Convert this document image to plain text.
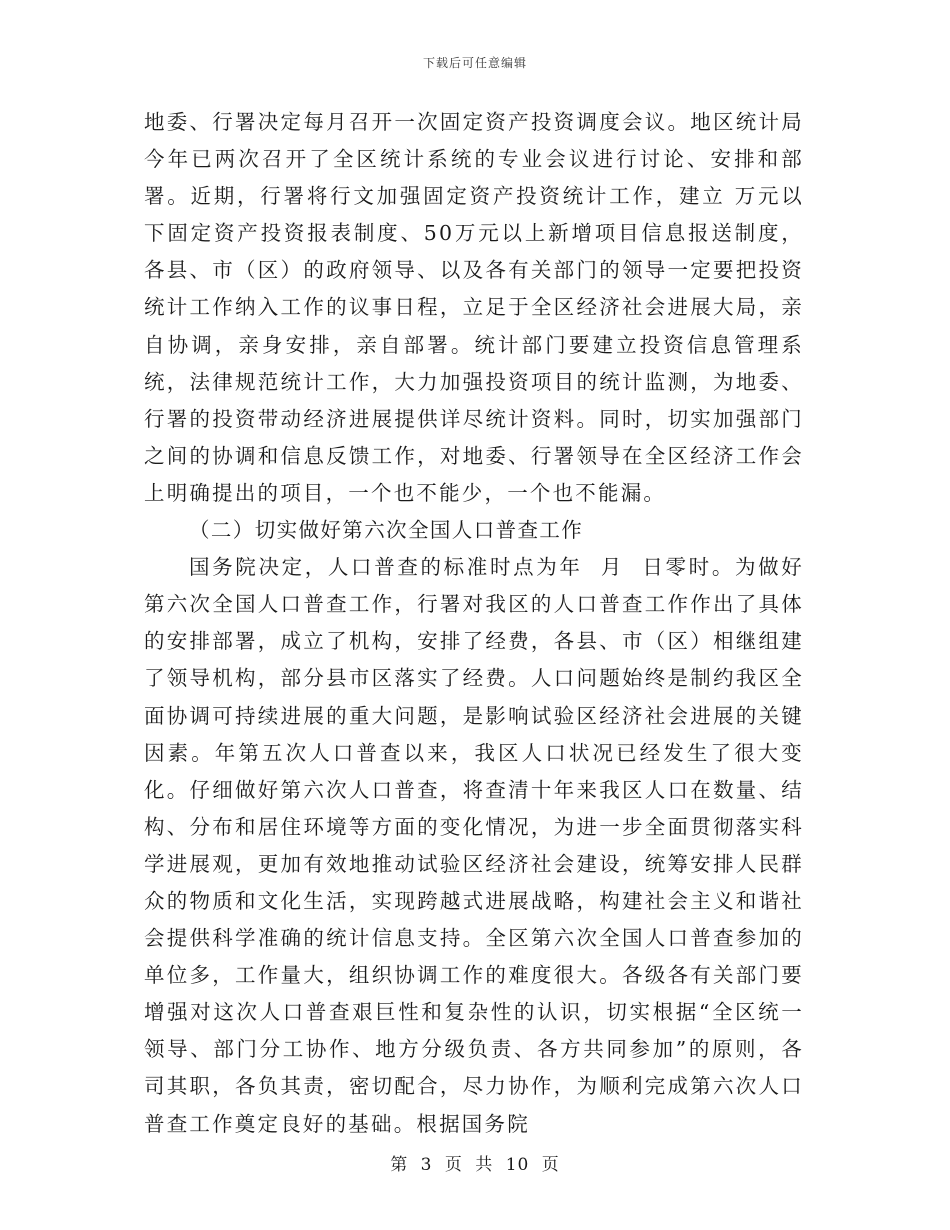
下载后可任意编辑

地委、行署决定每月召开一次固定资产投资调度会议。地区统计局今年已两次召开了全区统计系统的专业会议进行讨论、安排和部署。近期，行署将行文加强固定资产投资统计工作，建立 万元以下固定资产投资报表制度、50万元以上新增项目信息报送制度，各县、市（区）的政府领导、以及各有关部门的领导一定要把投资统计工作纳入工作的议事日程，立足于全区经济社会进展大局，亲自协调，亲身安排，亲自部署。统计部门要建立投资信息管理系统，法律规范统计工作，大力加强投资项目的统计监测，为地委、行署的投资带动经济进展提供详尽统计资料。同时，切实加强部门之间的协调和信息反馈工作，对地委、行署领导在全区经济工作会上明确提出的项目，一个也不能少，一个也不能漏。

（二）切实做好第六次全国人口普查工作

国务院决定，人口普查的标准时点为年  月  日零时。为做好第六次全国人口普查工作，行署对我区的人口普查工作作出了具体的安排部署，成立了机构，安排了经费，各县、市（区）相继组建了领导机构，部分县市区落实了经费。人口问题始终是制约我区全面协调可持续进展的重大问题，是影响试验区经济社会进展的关键因素。年第五次人口普查以来，我区人口状况已经发生了很大变化。仔细做好第六次人口普查，将查清十年来我区人口在数量、结构、分布和居住环境等方面的变化情况，为进一步全面贯彻落实科学进展观，更加有效地推动试验区经济社会建设，统筹安排人民群众的物质和文化生活，实现跨越式进展战略，构建社会主义和谐社会提供科学准确的统计信息支持。全区第六次全国人口普查参加的单位多，工作量大，组织协调工作的难度很大。各级各有关部门要增强对这次人口普查艰巨性和复杂性的认识，切实根据“全区统一领导、部门分工协作、地方分级负责、各方共同参加”的原则，各司其职，各负其责，密切配合，尽力协作，为顺利完成第六次人口普查工作奠定良好的基础。根据国务院

第 3 页 共 10 页
